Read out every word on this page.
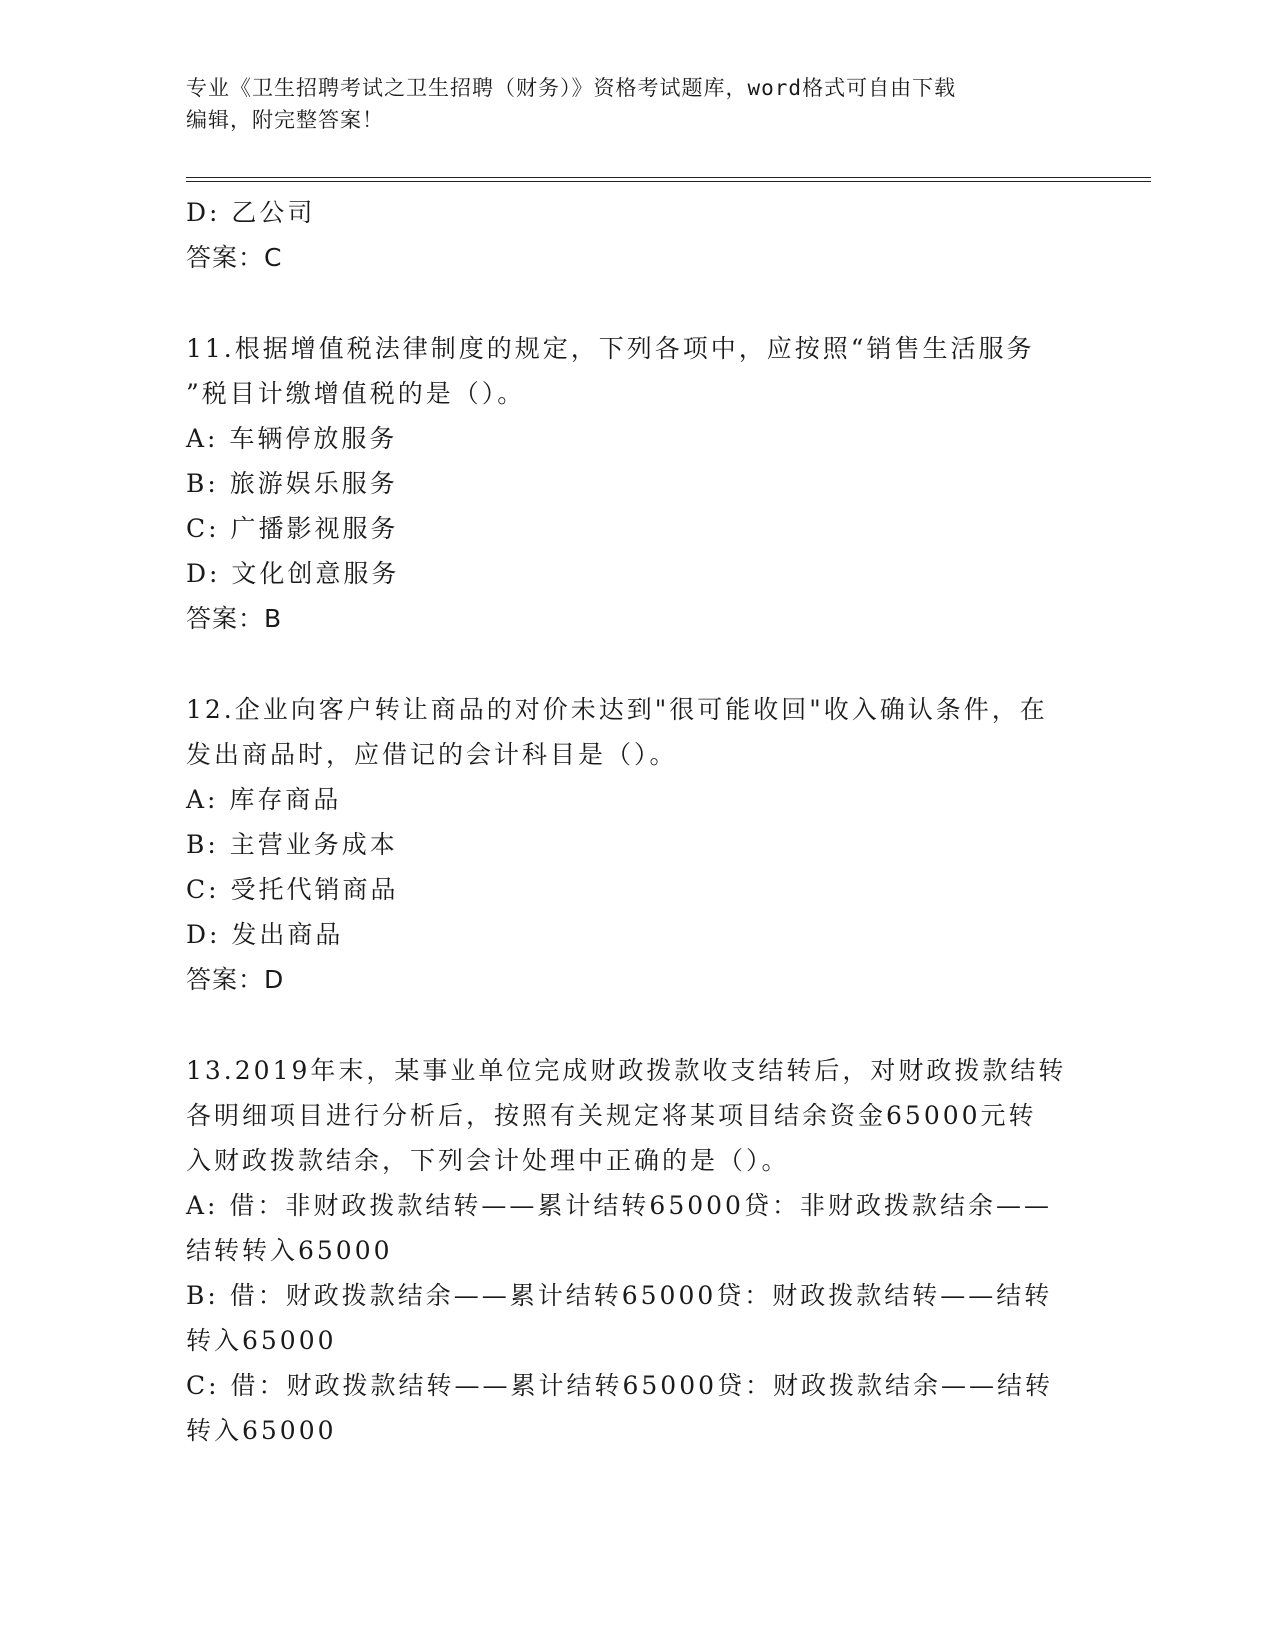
专业《卫生招聘考试之卫生招聘（财务）》资格考试题库，word格式可自由下载
编辑，附完整答案！
D: 乙公司
答案：C
11.根据增值税法律制度的规定，下列各项中，应按照“销售生活服务
”税目计缴增值税的是（）。
A: 车辆停放服务
B: 旅游娱乐服务
C: 广播影视服务
D: 文化创意服务
答案：B
12.企业向客户转让商品的对价未达到"很可能收回"收入确认条件，在
发出商品时，应借记的会计科目是（）。
A: 库存商品
B: 主营业务成本
C: 受托代销商品
D: 发出商品
答案：D
13.2019年末，某事业单位完成财政拨款收支结转后，对财政拨款结转
各明细项目进行分析后，按照有关规定将某项目结余资金65000元转
入财政拨款结余，下列会计处理中正确的是（）。
A: 借：非财政拨款结转——累计结转65000贷：非财政拨款结余——
结转转入65000
B: 借：财政拨款结余——累计结转65000贷：财政拨款结转——结转
转入65000
C: 借：财政拨款结转——累计结转65000贷：财政拨款结余——结转
转入65000
